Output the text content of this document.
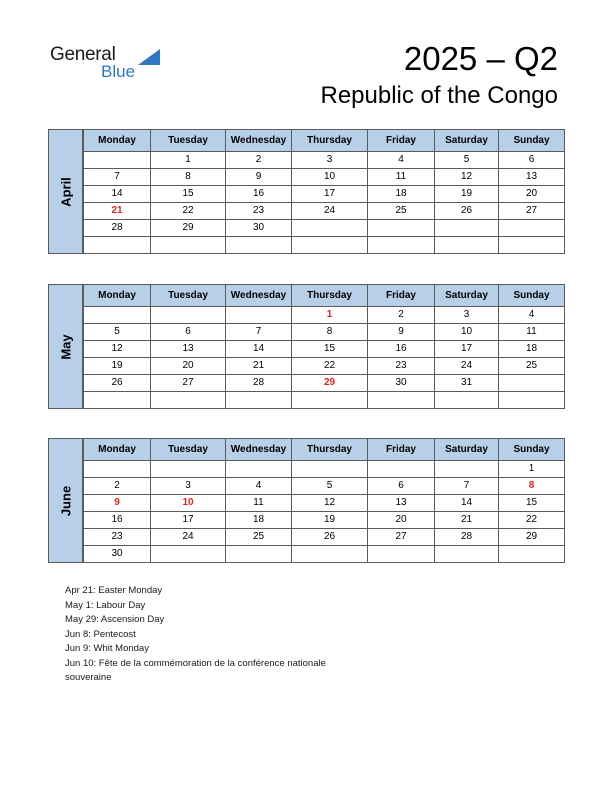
General
Blue	2025 – Q2
Republic of the Congo
April
Monday	Tuesday	Wednesday	Thursday	Friday	Saturday	Sunday
	1	2	3	4	5	6
7	8	9	10	11	12	13
14	15	16	17	18	19	20
21	22	23	24	25	26	27
28	29	30				

May
Monday	Tuesday	Wednesday	Thursday	Friday	Saturday	Sunday
			1	2	3	4
5	6	7	8	9	10	11
12	13	14	15	16	17	18
19	20	21	22	23	24	25
26	27	28	29	30	31	

June
Monday	Tuesday	Wednesday	Thursday	Friday	Saturday	Sunday
						1
2	3	4	5	6	7	8
9	10	11	12	13	14	15
16	17	18	19	20	21	22
23	24	25	26	27	28	29
30						
Apr 21: Easter Monday
May 1: Labour Day
May 29: Ascension Day
Jun 8: Pentecost
Jun 9: Whit Monday
Jun 10: Fête de la commémoration de la conférence nationale
souveraine
